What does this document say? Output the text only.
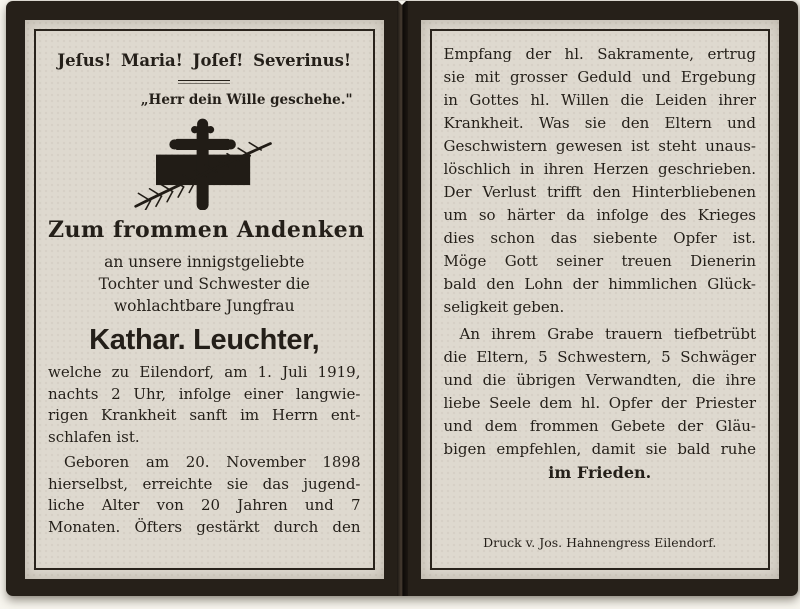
Jeſus! Maria! Joſef! Severinus!
„Herr dein Wille geschehe."
Zum frommen Andenken
an unsere innigstgeliebte
Tochter und Schwester die
wohlachtbare Jungfrau
Kathar. Leuchter,
welche zu Eilendorf, am 1. Juli 1919,
nachts 2 Uhr, infolge einer langwie-
rigen Krankheit sanft im Herrn ent-
schlafen ist.
Geboren am 20. November 1898
hierselbst, erreichte sie das jugend-
liche Alter von 20 Jahren und 7
Monaten. Öfters gestärkt durch den
Empfang der hl. Sakramente, ertrug
sie mit grosser Geduld und Ergebung
in Gottes hl. Willen die Leiden ihrer
Krankheit. Was sie den Eltern und
Geschwistern gewesen ist steht unaus-
löschlich in ihren Herzen geschrieben.
Der Verlust trifft den Hinterbliebenen
um so härter da infolge des Krieges
dies schon das siebente Opfer ist.
Möge Gott seiner treuen Dienerin
bald den Lohn der himmlichen Glück-
seligkeit geben.
An ihrem Grabe trauern tiefbetrübt
die Eltern, 5 Schwestern, 5 Schwäger
und die übrigen Verwandten, die ihre
liebe Seele dem hl. Opfer der Priester
und dem frommen Gebete der Gläu-
bigen empfehlen, damit sie bald ruhe
im Frieden.
Druck v. Jos. Hahnengress Eilendorf.
